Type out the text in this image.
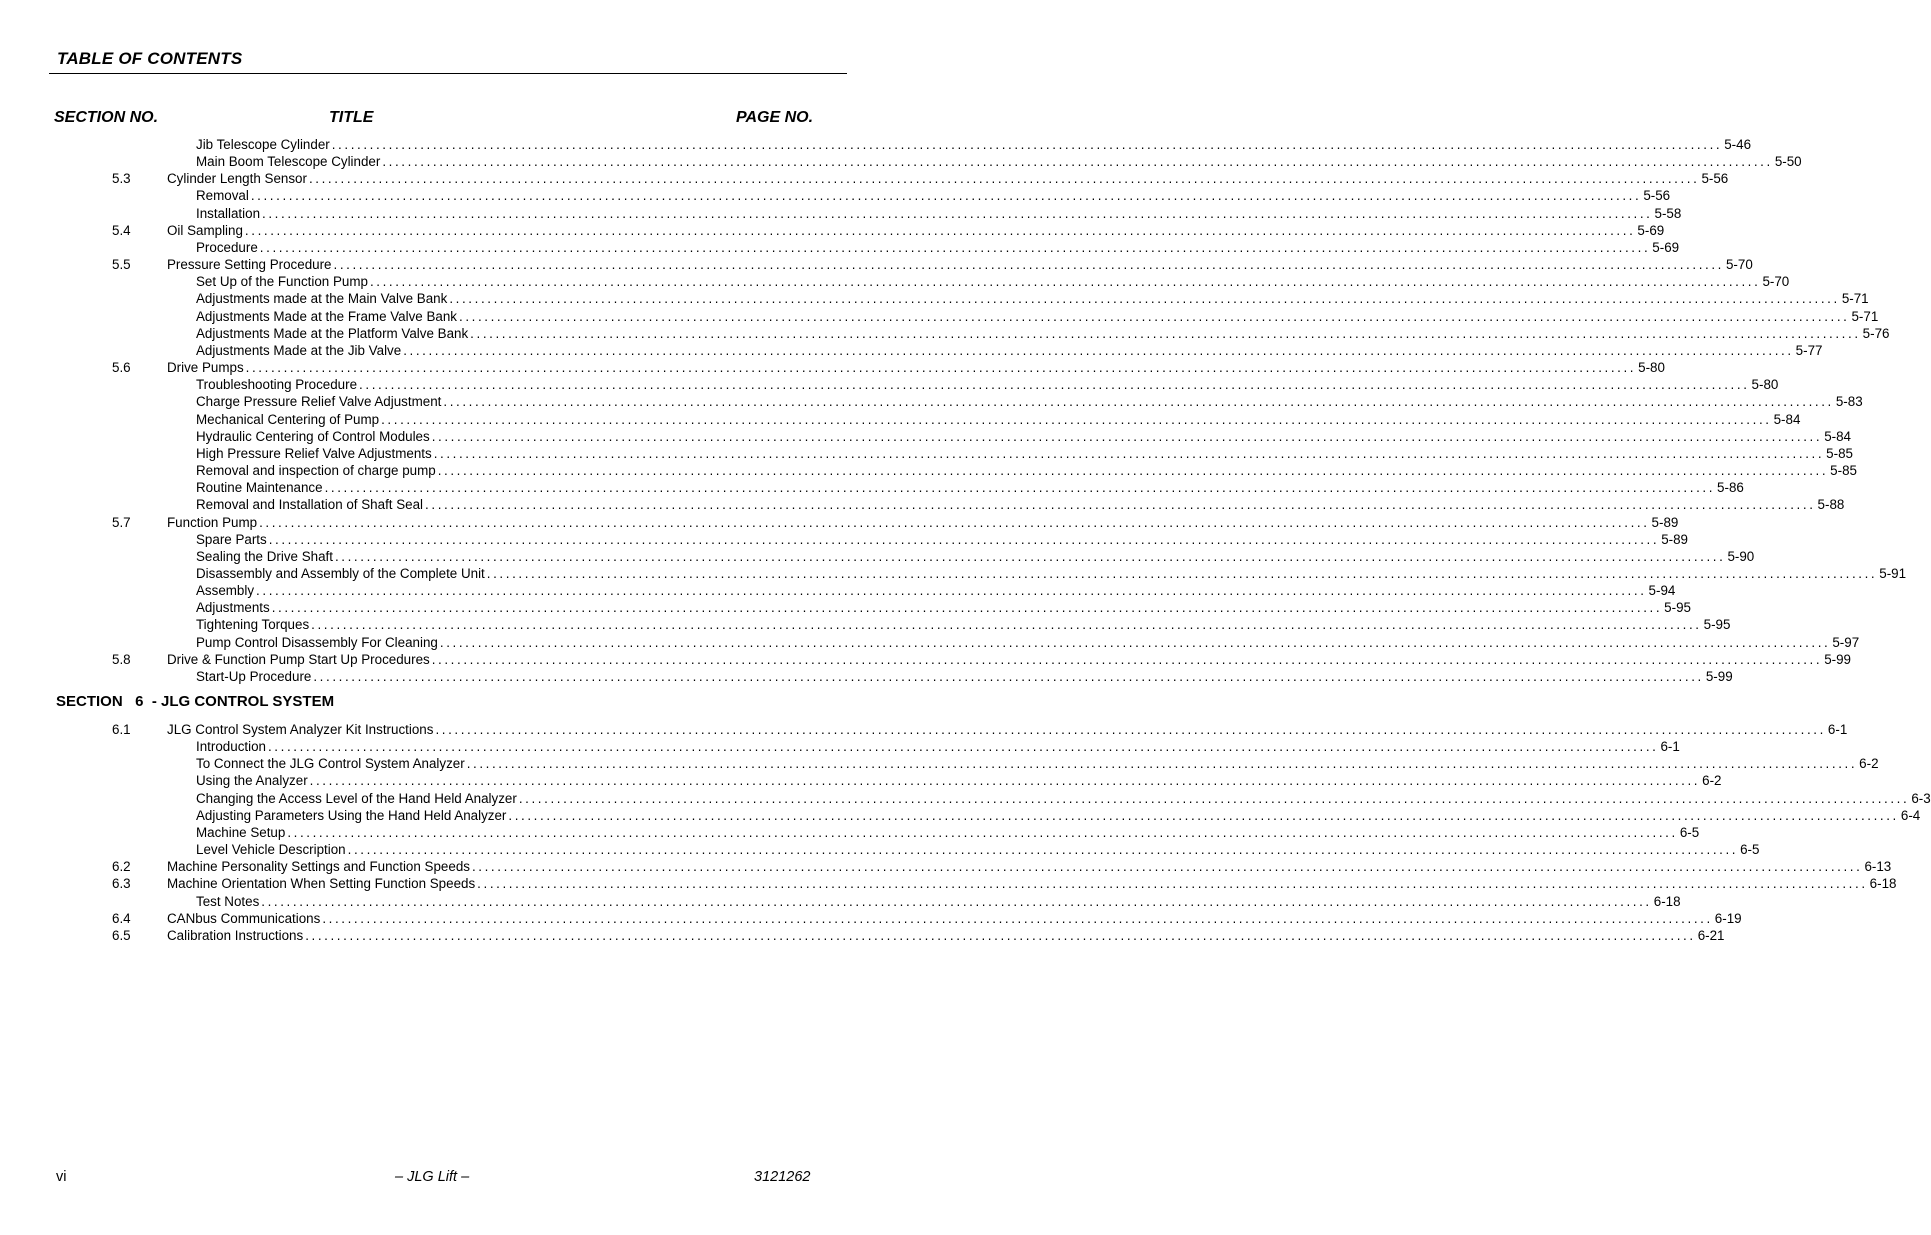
TABLE OF CONTENTS
SECTION NO.	TITLE	PAGE NO.
Jib Telescope Cylinder ............................................................................................................................................................................................................................ 5-46
Main Boom Telescope Cylinder ............................................................................................................................................................................................................................ 5-50
5.3	Cylinder Length Sensor ............................................................................................................................................................................................................................ 5-56
Removal ............................................................................................................................................................................................................................ 5-56
Installation ............................................................................................................................................................................................................................ 5-58
5.4	Oil Sampling ............................................................................................................................................................................................................................ 5-69
Procedure ............................................................................................................................................................................................................................ 5-69
5.5	Pressure Setting Procedure ............................................................................................................................................................................................................................ 5-70
Set Up of the Function Pump ............................................................................................................................................................................................................................ 5-70
Adjustments made at the Main Valve Bank ............................................................................................................................................................................................................................ 5-71
Adjustments Made at the Frame Valve Bank ............................................................................................................................................................................................................................ 5-71
Adjustments Made at the Platform Valve Bank ............................................................................................................................................................................................................................ 5-76
Adjustments Made at the Jib Valve ............................................................................................................................................................................................................................ 5-77
5.6	Drive Pumps ............................................................................................................................................................................................................................ 5-80
Troubleshooting Procedure ............................................................................................................................................................................................................................ 5-80
Charge Pressure Relief Valve Adjustment ............................................................................................................................................................................................................................ 5-83
Mechanical Centering of Pump ............................................................................................................................................................................................................................ 5-84
Hydraulic Centering of Control Modules ............................................................................................................................................................................................................................ 5-84
High Pressure Relief Valve Adjustments ............................................................................................................................................................................................................................ 5-85
Removal and inspection of charge pump ............................................................................................................................................................................................................................ 5-85
Routine Maintenance ............................................................................................................................................................................................................................ 5-86
Removal and Installation of Shaft Seal ............................................................................................................................................................................................................................ 5-88
5.7	Function Pump ............................................................................................................................................................................................................................ 5-89
Spare Parts ............................................................................................................................................................................................................................ 5-89
Sealing the Drive Shaft ............................................................................................................................................................................................................................ 5-90
Disassembly and Assembly of the Complete Unit ............................................................................................................................................................................................................................ 5-91
Assembly ............................................................................................................................................................................................................................ 5-94
Adjustments ............................................................................................................................................................................................................................ 5-95
Tightening Torques ............................................................................................................................................................................................................................ 5-95
Pump Control Disassembly For Cleaning ............................................................................................................................................................................................................................ 5-97
5.8	Drive & Function Pump Start Up Procedures ............................................................................................................................................................................................................................ 5-99
Start-Up Procedure ............................................................................................................................................................................................................................ 5-99
SECTION   6  - JLG CONTROL SYSTEM
6.1	JLG Control System Analyzer Kit Instructions ............................................................................................................................................................................................................................ 6-1
Introduction ............................................................................................................................................................................................................................ 6-1
To Connect the JLG Control System Analyzer ............................................................................................................................................................................................................................ 6-2
Using the Analyzer ............................................................................................................................................................................................................................ 6-2
Changing the Access Level of the Hand Held Analyzer ............................................................................................................................................................................................................................ 6-3
Adjusting Parameters Using the Hand Held Analyzer ............................................................................................................................................................................................................................ 6-4
Machine Setup ............................................................................................................................................................................................................................ 6-5
Level Vehicle Description ............................................................................................................................................................................................................................ 6-5
6.2	Machine Personality Settings and Function Speeds ............................................................................................................................................................................................................................ 6-13
6.3	Machine Orientation When Setting Function Speeds ............................................................................................................................................................................................................................ 6-18
Test Notes ............................................................................................................................................................................................................................ 6-18
6.4	CANbus Communications ............................................................................................................................................................................................................................ 6-19
6.5	Calibration Instructions ............................................................................................................................................................................................................................ 6-21
vi	– JLG Lift –	3121262
